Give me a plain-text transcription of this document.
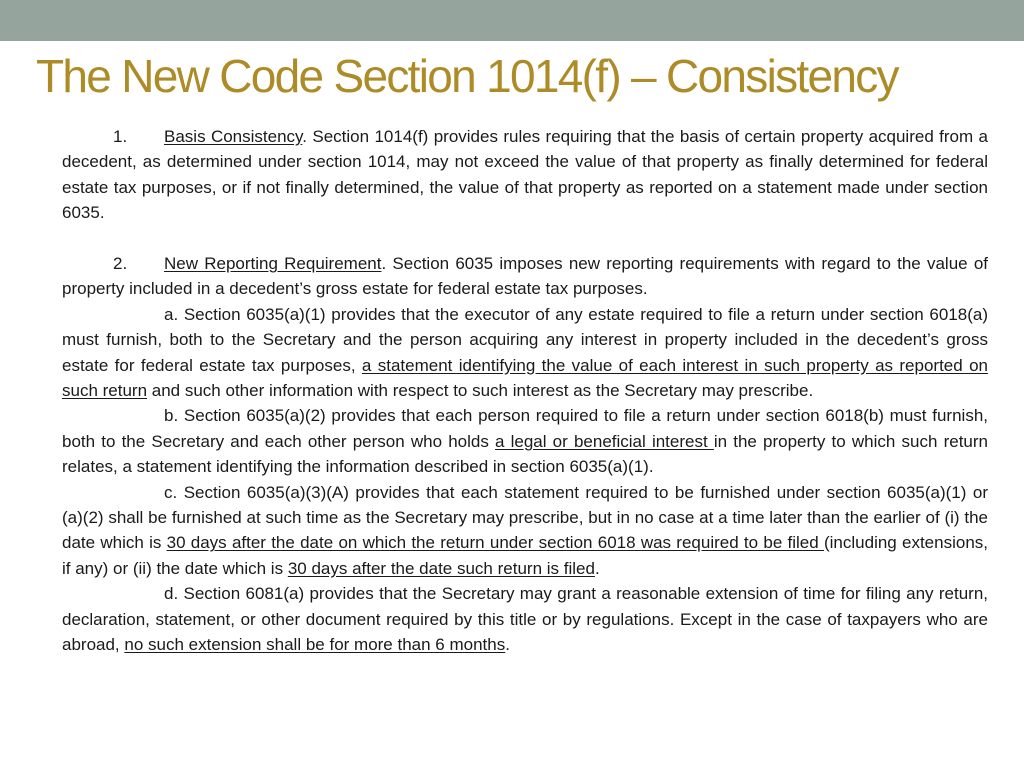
The New Code Section 1014(f) – Consistency

1. Basis Consistency. Section 1014(f) provides rules requiring that the basis of certain property acquired from a decedent, as determined under section 1014, may not exceed the value of that property as finally determined for federal estate tax purposes, or if not finally determined, the value of that property as reported on a statement made under section 6035.

2. New Reporting Requirement. Section 6035 imposes new reporting requirements with regard to the value of property included in a decedent’s gross estate for federal estate tax purposes.

a. Section 6035(a)(1) provides that the executor of any estate required to file a return under section 6018(a) must furnish, both to the Secretary and the person acquiring any interest in property included in the decedent’s gross estate for federal estate tax purposes, a statement identifying the value of each interest in such property as reported on such return and such other information with respect to such interest as the Secretary may prescribe.

b. Section 6035(a)(2) provides that each person required to file a return under section 6018(b) must furnish, both to the Secretary and each other person who holds a legal or beneficial interest in the property to which such return relates, a statement identifying the information described in section 6035(a)(1).

c. Section 6035(a)(3)(A) provides that each statement required to be furnished under section 6035(a)(1) or (a)(2) shall be furnished at such time as the Secretary may prescribe, but in no case at a time later than the earlier of (i) the date which is 30 days after the date on which the return under section 6018 was required to be filed (including extensions, if any) or (ii) the date which is 30 days after the date such return is filed.

d. Section 6081(a) provides that the Secretary may grant a reasonable extension of time for filing any return, declaration, statement, or other document required by this title or by regulations. Except in the case of taxpayers who are abroad, no such extension shall be for more than 6 months.
